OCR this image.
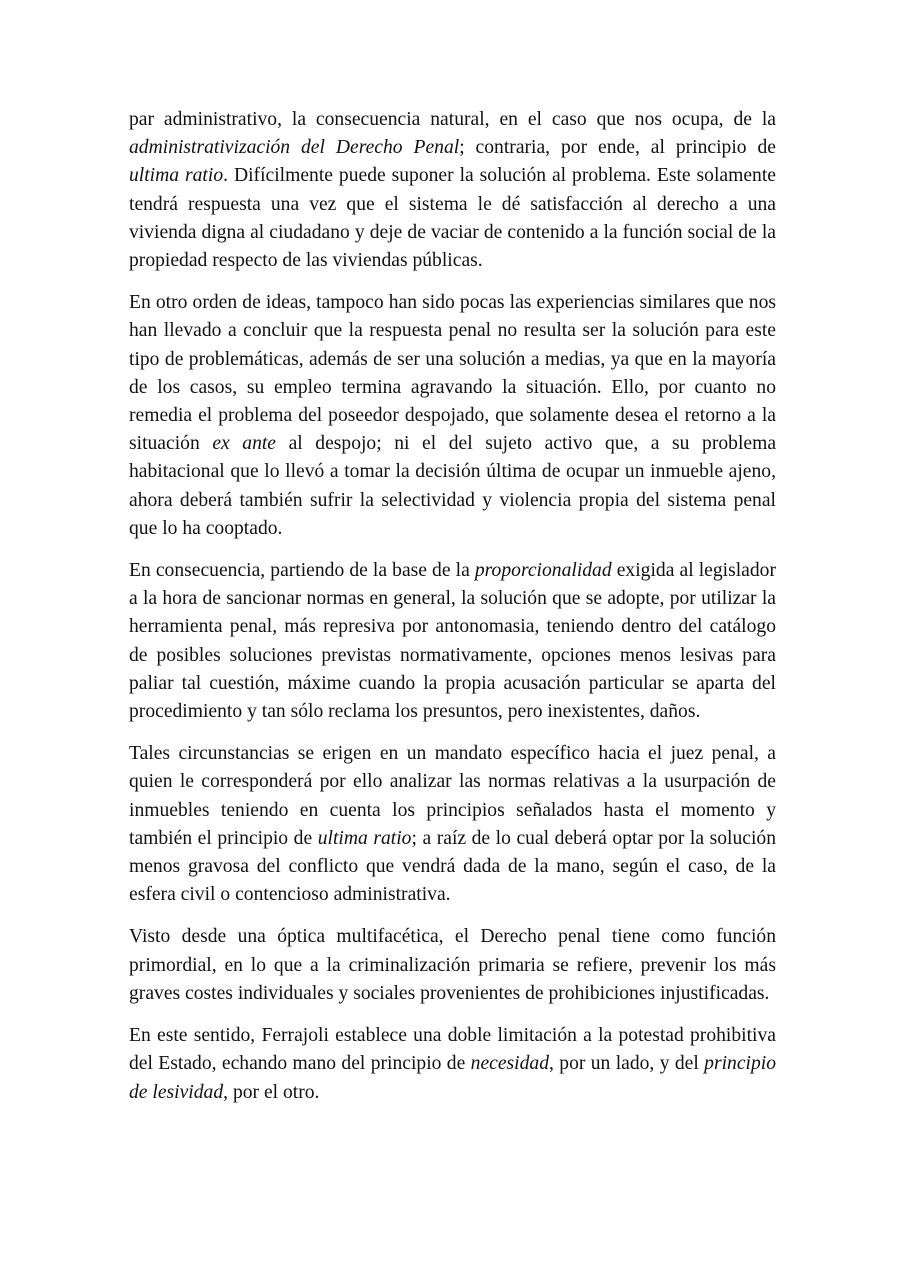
par administrativo, la consecuencia natural, en el caso que nos ocupa, de la administrativización del Derecho Penal; contraria, por ende, al principio de ultima ratio. Difícilmente puede suponer la solución al problema. Este solamente tendrá respuesta una vez que el sistema le dé satisfacción al derecho a una vivienda digna al ciudadano y deje de vaciar de contenido a la función social de la propiedad respecto de las viviendas públicas.

En otro orden de ideas, tampoco han sido pocas las experiencias similares que nos han llevado a concluir que la respuesta penal no resulta ser la solución para este tipo de problemáticas, además de ser una solución a medias, ya que en la mayoría de los casos, su empleo termina agravando la situación. Ello, por cuanto no remedia el problema del poseedor despojado, que solamente desea el retorno a la situación ex ante al despojo; ni el del sujeto activo que, a su problema habitacional que lo llevó a tomar la decisión última de ocupar un inmueble ajeno, ahora deberá también sufrir la selectividad y violencia propia del sistema penal que lo ha cooptado.

En consecuencia, partiendo de la base de la proporcionalidad exigida al legislador a la hora de sancionar normas en general, la solución que se adopte, por utilizar la herramienta penal, más represiva por antonomasia, teniendo dentro del catálogo de posibles soluciones previstas normativamente, opciones menos lesivas para paliar tal cuestión, máxime cuando la propia acusación particular se aparta del procedimiento y tan sólo reclama los presuntos, pero inexistentes, daños.

Tales circunstancias se erigen en un mandato específico hacia el juez penal, a quien le corresponderá por ello analizar las normas relativas a la usurpación de inmuebles teniendo en cuenta los principios señalados hasta el momento y también el principio de ultima ratio; a raíz de lo cual deberá optar por la solución menos gravosa del conflicto que vendrá dada de la mano, según el caso, de la esfera civil o contencioso administrativa.

Visto desde una óptica multifacética, el Derecho penal tiene como función primordial, en lo que a la criminalización primaria se refiere, prevenir los más graves costes individuales y sociales provenientes de prohibiciones injustificadas.

En este sentido, Ferrajoli establece una doble limitación a la potestad prohibitiva del Estado, echando mano del principio de necesidad, por un lado, y del principio de lesividad, por el otro.
